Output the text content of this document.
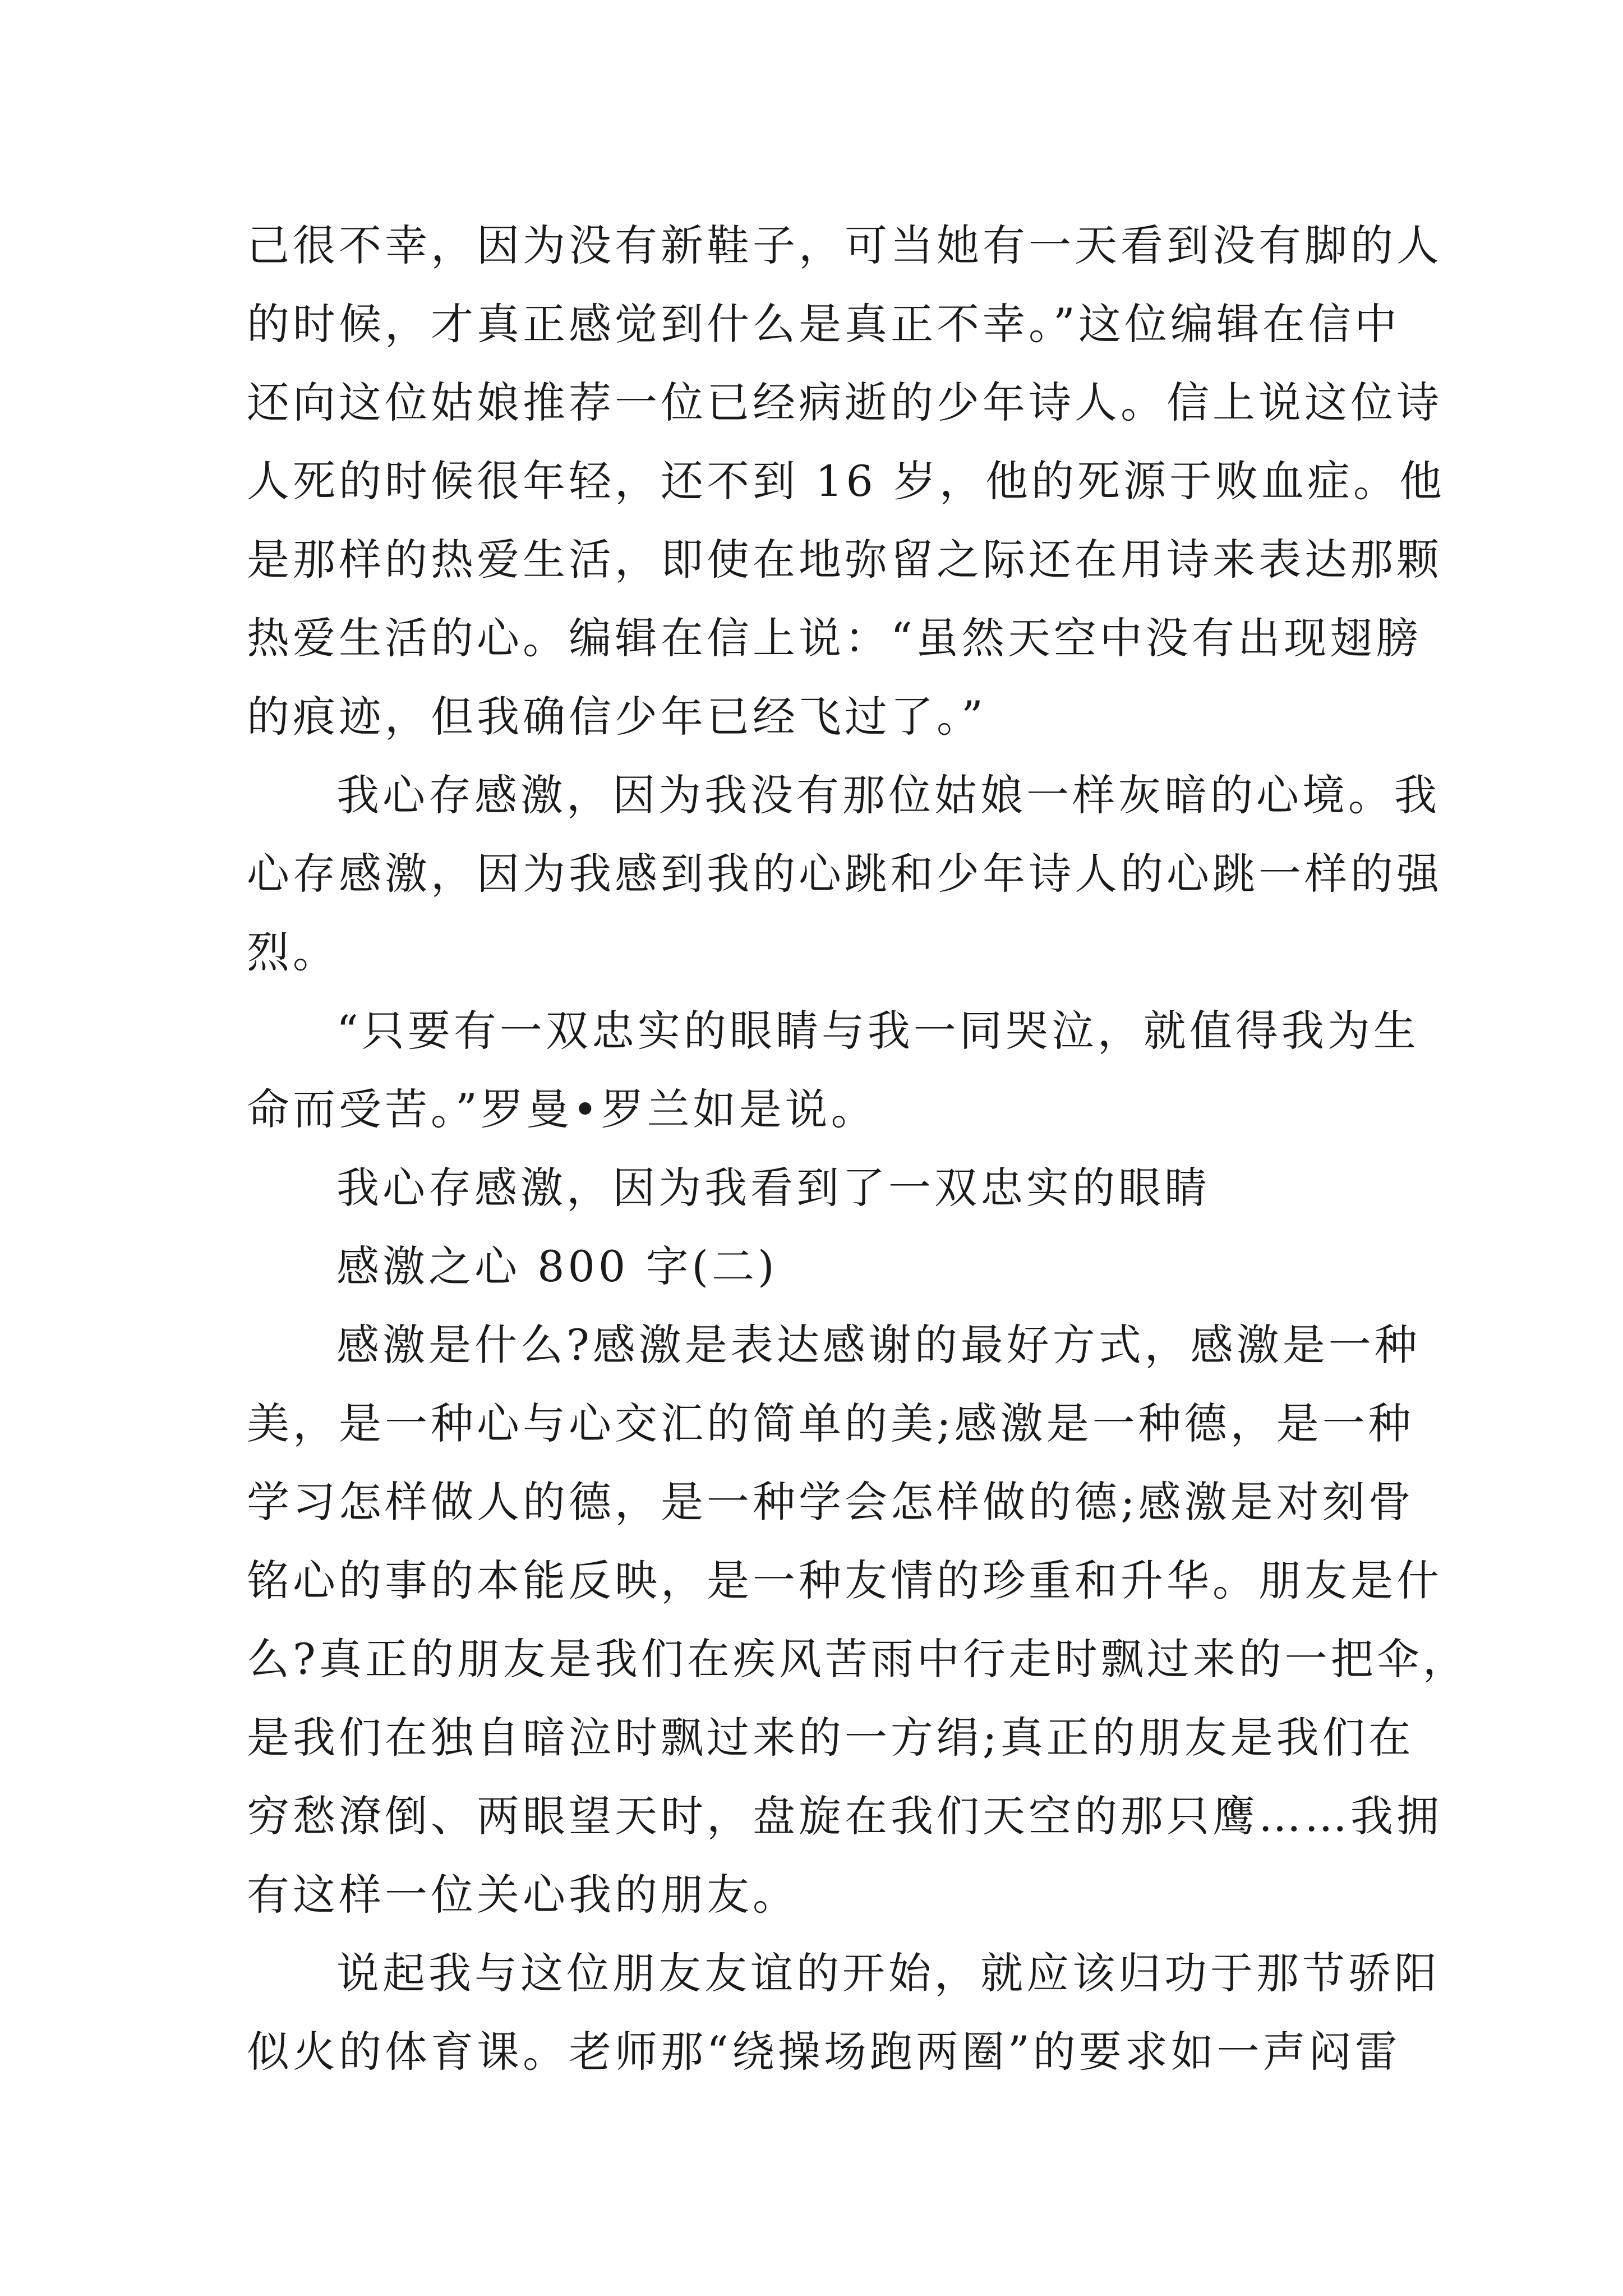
己很不幸，因为没有新鞋子，可当她有一天看到没有脚的人
的时候，才真正感觉到什么是真正不幸。”这位编辑在信中
还向这位姑娘推荐一位已经病逝的少年诗人。信上说这位诗
人死的时候很年轻，还不到 16 岁，他的死源于败血症。他
是那样的热爱生活，即使在地弥留之际还在用诗来表达那颗
热爱生活的心。编辑在信上说：“虽然天空中没有出现翅膀
的痕迹，但我确信少年已经飞过了。”
我心存感激，因为我没有那位姑娘一样灰暗的心境。我
心存感激，因为我感到我的心跳和少年诗人的心跳一样的强
烈。
“只要有一双忠实的眼睛与我一同哭泣，就值得我为生
命而受苦。”罗曼•罗兰如是说。
我心存感激，因为我看到了一双忠实的眼睛
感激之心 800 字(二)
感激是什么?感激是表达感谢的最好方式，感激是一种
美，是一种心与心交汇的简单的美;感激是一种德，是一种
学习怎样做人的德，是一种学会怎样做的德;感激是对刻骨
铭心的事的本能反映，是一种友情的珍重和升华。朋友是什
么?真正的朋友是我们在疾风苦雨中行走时飘过来的一把伞，
是我们在独自暗泣时飘过来的一方绢;真正的朋友是我们在
穷愁潦倒、两眼望天时，盘旋在我们天空的那只鹰……我拥
有这样一位关心我的朋友。
说起我与这位朋友友谊的开始，就应该归功于那节骄阳
似火的体育课。老师那“绕操场跑两圈”的要求如一声闷雷
